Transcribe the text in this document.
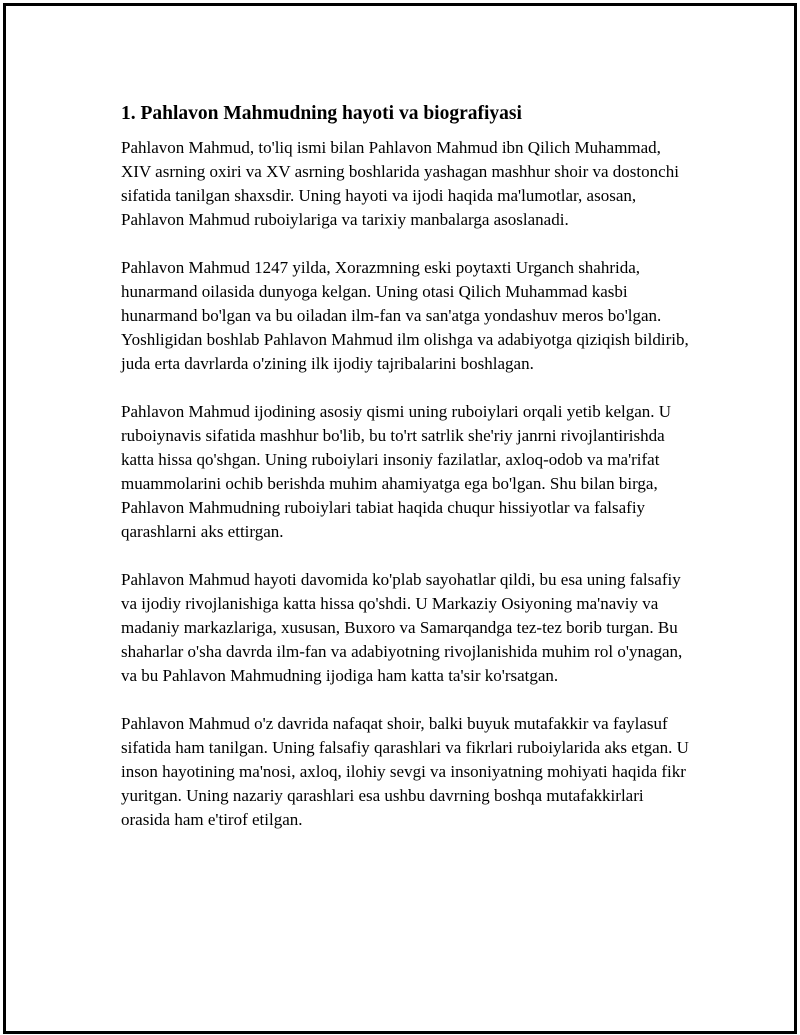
1. Pahlavon Mahmudning hayoti va biografiyasi

Pahlavon Mahmud, to'liq ismi bilan Pahlavon Mahmud ibn Qilich Muhammad, XIV asrning oxiri va XV asrning boshlarida yashagan mashhur shoir va dostonchi sifatida tanilgan shaxsdir. Uning hayoti va ijodi haqida ma'lumotlar, asosan, Pahlavon Mahmud ruboiylariga va tarixiy manbalarga asoslanadi.

Pahlavon Mahmud 1247 yilda, Xorazmning eski poytaxti Urganch shahrida, hunarmand oilasida dunyoga kelgan. Uning otasi Qilich Muhammad kasbi hunarmand bo'lgan va bu oiladan ilm-fan va san'atga yondashuv meros bo'lgan. Yoshligidan boshlab Pahlavon Mahmud ilm olishga va adabiyotga qiziqish bildirib, juda erta davrlarda o'zining ilk ijodiy tajribalarini boshlagan.

Pahlavon Mahmud ijodining asosiy qismi uning ruboiylari orqali yetib kelgan. U ruboiynavis sifatida mashhur bo'lib, bu to'rt satrlik she'riy janrni rivojlantirishda katta hissa qo'shgan. Uning ruboiylari insoniy fazilatlar, axloq-odob va ma'rifat muammolarini ochib berishda muhim ahamiyatga ega bo'lgan. Shu bilan birga, Pahlavon Mahmudning ruboiylari tabiat haqida chuqur hissiyotlar va falsafiy qarashlarni aks ettirgan.

Pahlavon Mahmud hayoti davomida ko'plab sayohatlar qildi, bu esa uning falsafiy va ijodiy rivojlanishiga katta hissa qo'shdi. U Markaziy Osiyoning ma'naviy va madaniy markazlariga, xususan, Buxoro va Samarqandga tez-tez borib turgan. Bu shaharlar o'sha davrda ilm-fan va adabiyotning rivojlanishida muhim rol o'ynagan, va bu Pahlavon Mahmudning ijodiga ham katta ta'sir ko'rsatgan.

Pahlavon Mahmud o'z davrida nafaqat shoir, balki buyuk mutafakkir va faylasuf sifatida ham tanilgan. Uning falsafiy qarashlari va fikrlari ruboiylarida aks etgan. U inson hayotining ma'nosi, axloq, ilohiy sevgi va insoniyatning mohiyati haqida fikr yuritgan. Uning nazariy qarashlari esa ushbu davrning boshqa mutafakkirlari orasida ham e'tirof etilgan.
